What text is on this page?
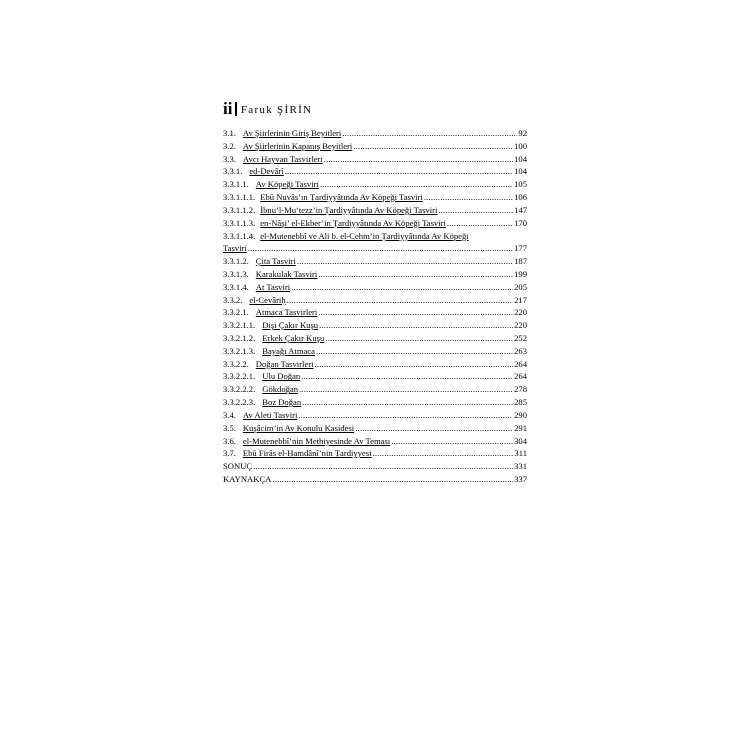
ii Faruk ŞİRİN
3.1. Av Şiirlerinin Giriş Beyitleri .....	92
3.2. Av Şiirlerinin Kapanış Beyitleri .....	100
3.3. Avcı Hayvan Tasvirleri .....	104
3.3.1. eḍ-Ḍevârî .....	104
3.3.1.1. Av Köpeği Tasviri .....	105
3.3.1.1.1. Ebû Nuvâs’ın Ṭardiyyâtında Av Köpeği Tasviri .....	106
3.3.1.1.2. İbnu’l-Mu‘tezz’in Ṭardiyyâtında Av Köpeği Tasviri .....	147
3.3.1.1.3. en-Nâşi’ el-Ekber’in Ṭardiyyâtında Av Köpeği Tasviri .....	170
3.3.1.1.4. el-Mutenebbî ve Ali b. el-Cehm’in Ṭardiyyâtında Av Köpeği
Tasviri .....	177
3.3.1.2. Çita Tasviri .....	187
3.3.1.3. Karakulak Tasviri .....	199
3.3.1.4. At Tasviri .....	205
3.3.2. el-Cevâriḥ .....	217
3.3.2.1. Atmaca Tasvirleri .....	220
3.3.2.1.1. Dişi Çakır Kuşu .....	220
3.3.2.1.2. Erkek Çakır Kuşu .....	252
3.3.2.1.3. Bayağı Atmaca .....	263
3.3.2.2. Doğan Tasvirleri .....	264
3.3.2.2.1. Ulu Doğan .....	264
3.3.2.2.2. Gökdoğan .....	278
3.3.2.2.3. Boz Doğan .....	285
3.4. Av Aleti Tasviri .....	290
3.5. Kuşâcim’in Av Konulu Kasidesi .....	291
3.6. el-Mutenebbî’nin Methiyesinde Av Teması .....	304
3.7. Ebû Firâs el-Ḥamdânî’nin Ṭardiyyesi .....	311
SONUÇ .....	331
KAYNAKÇA .....	337
